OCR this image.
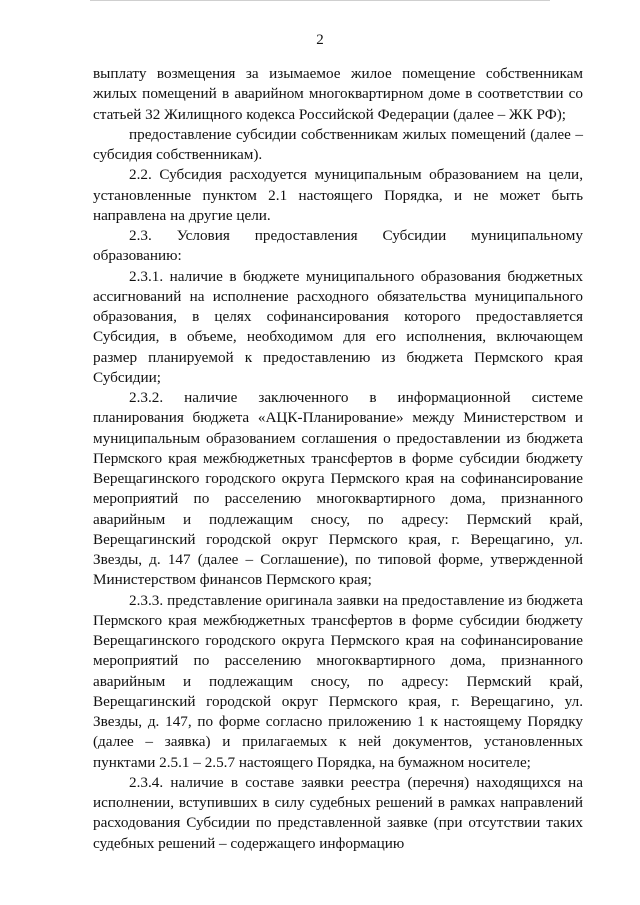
2

выплату возмещения за изымаемое жилое помещение собственникам жилых помещений в аварийном многоквартирном доме в соответствии со статьей 32 Жилищного кодекса Российской Федерации (далее – ЖК РФ);

предоставление субсидии собственникам жилых помещений (далее – субсидия собственникам).

2.2. Субсидия расходуется муниципальным образованием на цели, установленные пунктом 2.1 настоящего Порядка, и не может быть направлена на другие цели.

2.3. Условия предоставления Субсидии муниципальному образованию:

2.3.1. наличие в бюджете муниципального образования бюджетных ассигнований на исполнение расходного обязательства муниципального образования, в целях софинансирования которого предоставляется Субсидия, в объеме, необходимом для его исполнения, включающем размер планируемой к предоставлению из бюджета Пермского края Субсидии;

2.3.2. наличие заключенного в информационной системе планирования бюджета «АЦК-Планирование» между Министерством и муниципальным образованием соглашения о предоставлении из бюджета Пермского края межбюджетных трансфертов в форме субсидии бюджету Верещагинского городского округа Пермского края на софинансирование мероприятий по расселению многоквартирного дома, признанного аварийным и подлежащим сносу, по адресу: Пермский край, Верещагинский городской округ Пермского края, г. Верещагино, ул. Звезды, д. 147 (далее – Соглашение), по типовой форме, утвержденной Министерством финансов Пермского края;

2.3.3. представление оригинала заявки на предоставление из бюджета Пермского края межбюджетных трансфертов в форме субсидии бюджету Верещагинского городского округа Пермского края на софинансирование мероприятий по расселению многоквартирного дома, признанного аварийным и подлежащим сносу, по адресу: Пермский край, Верещагинский городской округ Пермского края, г. Верещагино, ул. Звезды, д. 147, по форме согласно приложению 1 к настоящему Порядку (далее – заявка) и прилагаемых к ней документов, установленных пунктами 2.5.1 – 2.5.7 настоящего Порядка, на бумажном носителе;

2.3.4. наличие в составе заявки реестра (перечня) находящихся на исполнении, вступивших в силу судебных решений в рамках направлений расходования Субсидии по представленной заявке (при отсутствии таких судебных решений – содержащего информацию
